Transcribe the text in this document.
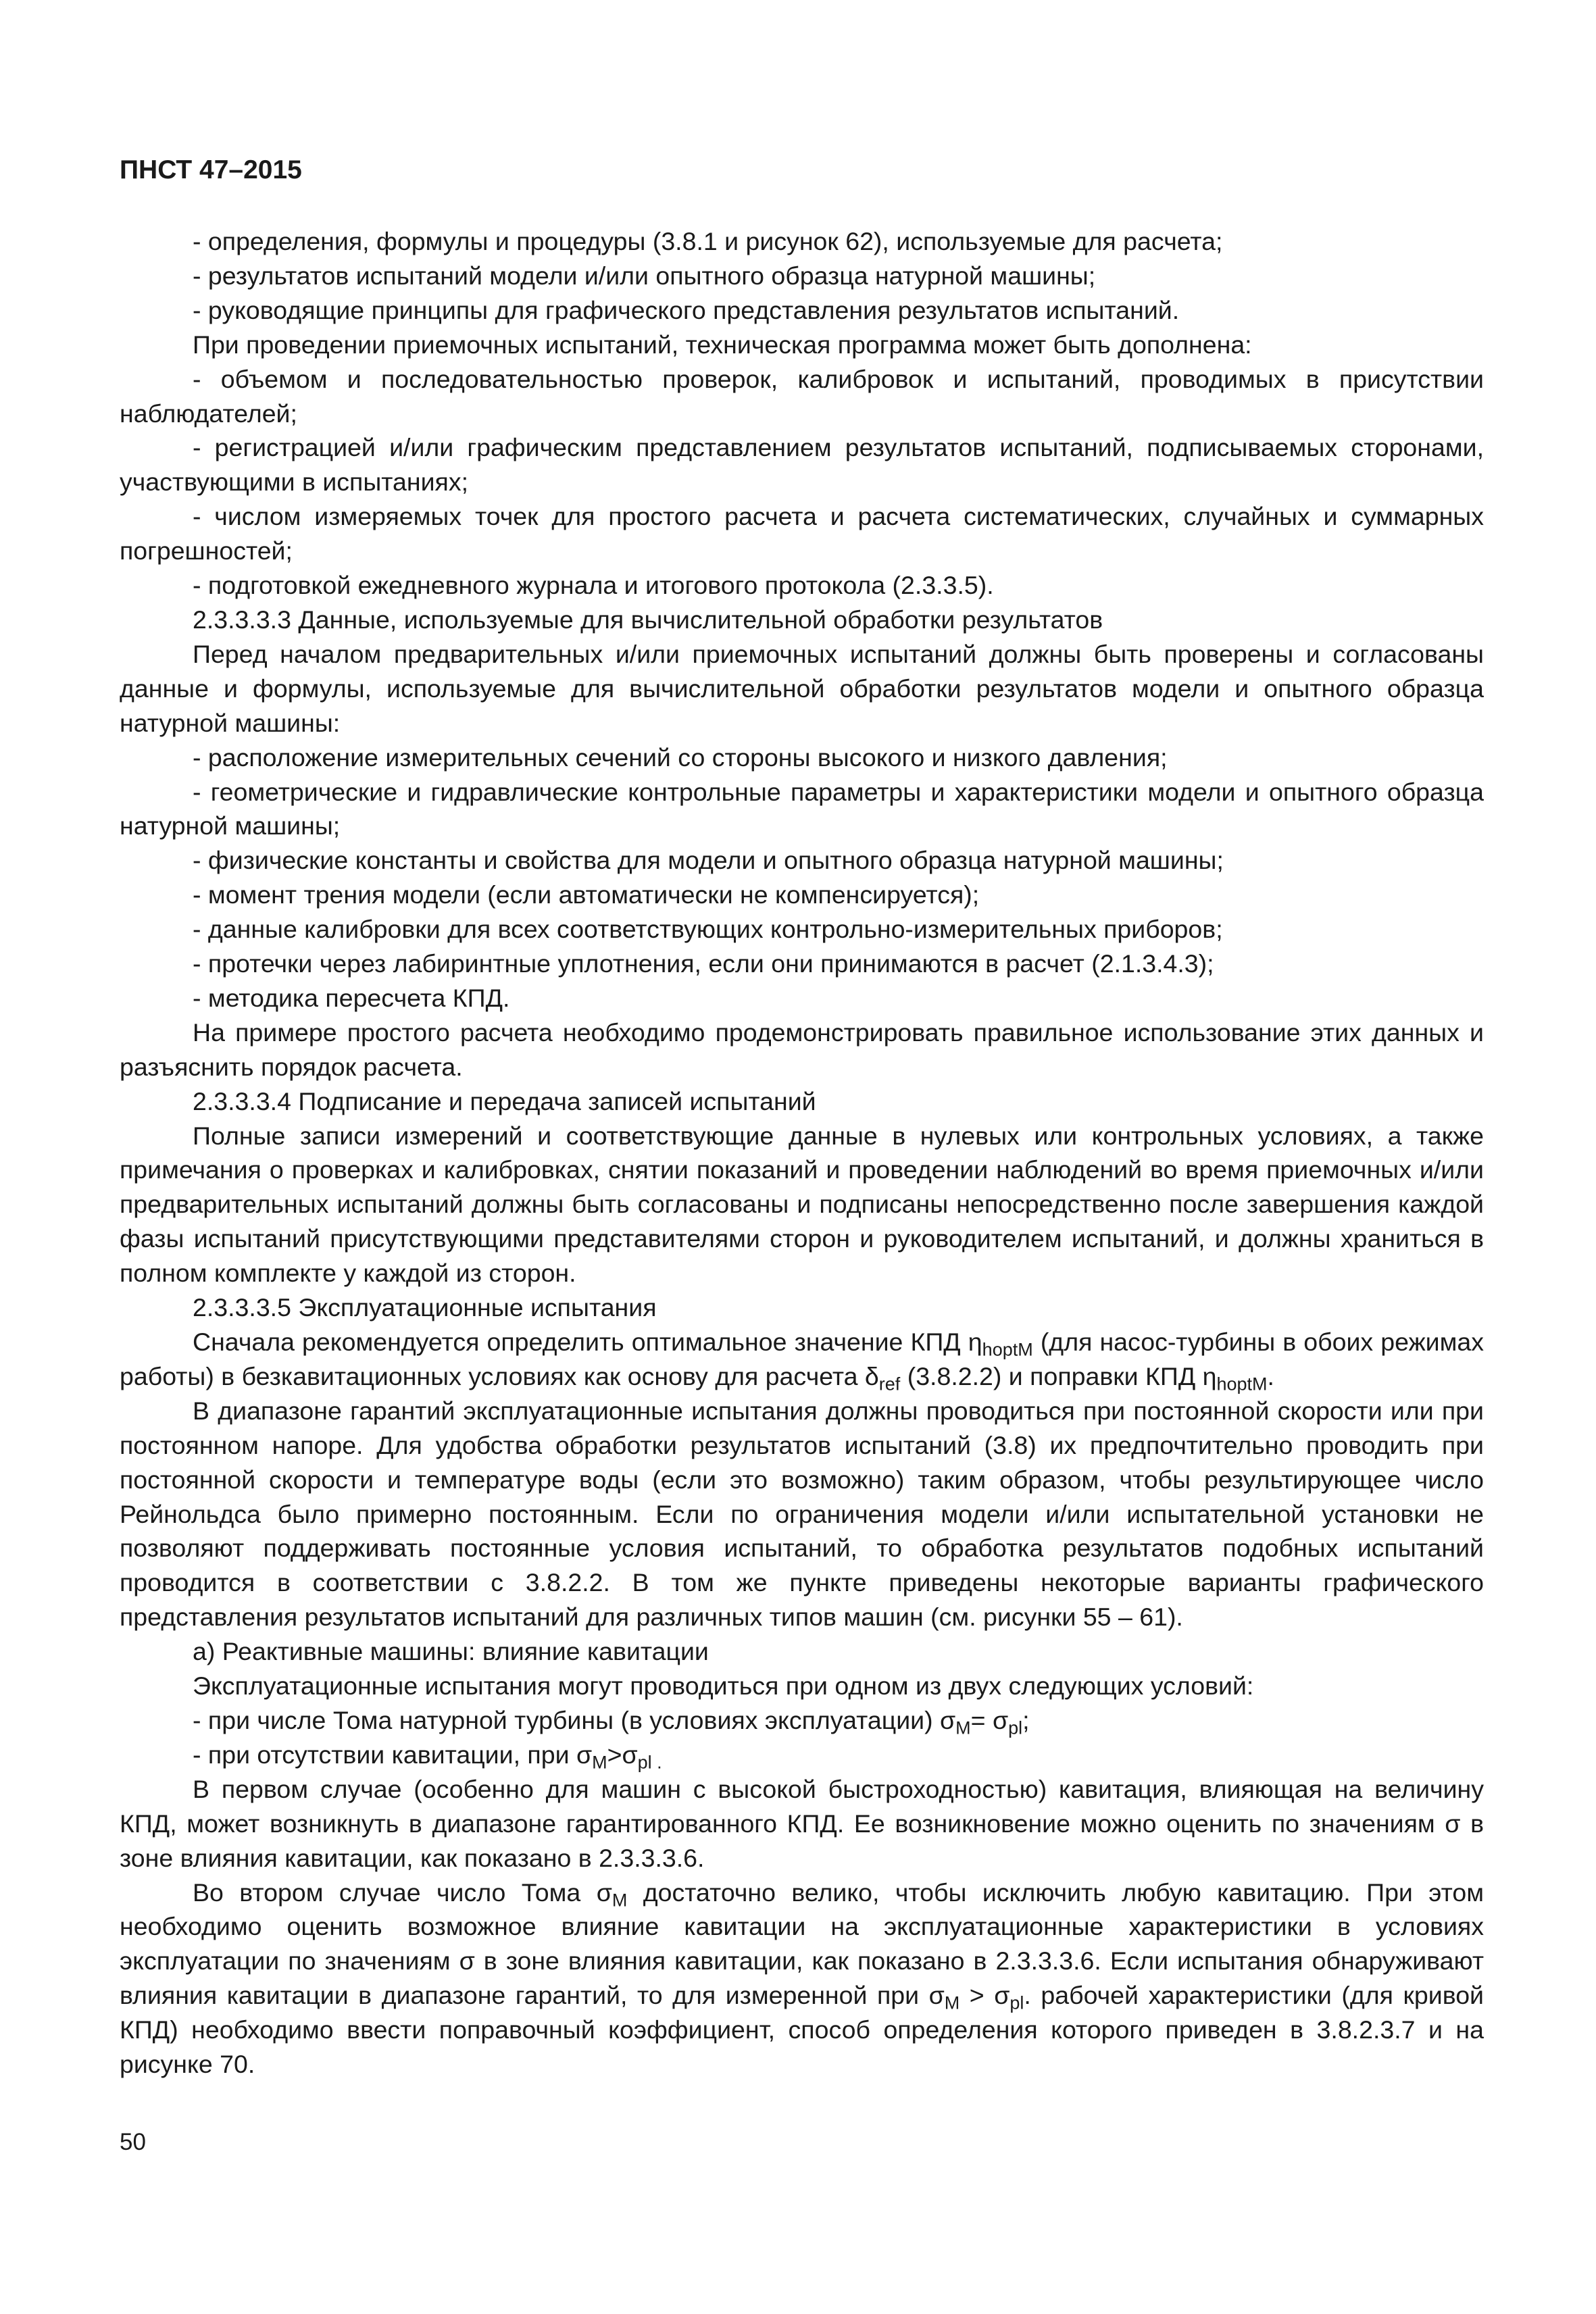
ПНСТ 47–2015

- определения, формулы и процедуры (3.8.1 и рисунок 62), используемые для расчета;

- результатов испытаний модели и/или опытного образца натурной машины;

- руководящие принципы для графического представления результатов испытаний.

При проведении приемочных испытаний, техническая программа может быть дополнена:

- объемом и последовательностью проверок, калибровок и испытаний, проводимых в присутствии наблюдателей;

- регистрацией и/или графическим представлением результатов испытаний, подписываемых сторонами, участвующими в испытаниях;

- числом измеряемых точек для простого расчета и расчета систематических, случайных и суммарных погрешностей;

- подготовкой ежедневного журнала и итогового протокола (2.3.3.5).

2.3.3.3.3 Данные, используемые для вычислительной обработки результатов

Перед началом предварительных и/или приемочных испытаний должны быть проверены и согласованы данные и формулы, используемые для вычислительной обработки результатов модели и опытного образца натурной машины:

- расположение измерительных сечений со стороны высокого и низкого давления;

- геометрические и гидравлические контрольные параметры и характеристики модели и опытного образца натурной машины;

- физические константы и свойства для модели и опытного образца натурной машины;

- момент трения модели (если автоматически не компенсируется);

- данные калибровки для всех соответствующих контрольно-измерительных приборов;

- протечки через лабиринтные уплотнения, если они принимаются в расчет (2.1.3.4.3);

- методика пересчета КПД.

На примере простого расчета необходимо продемонстрировать правильное использование этих данных и разъяснить порядок расчета.

2.3.3.3.4 Подписание и передача записей испытаний

Полные записи измерений и соответствующие данные в нулевых или контрольных условиях, а также примечания о проверках и калибровках, снятии показаний и проведении наблюдений во время приемочных и/или предварительных испытаний должны быть согласованы и подписаны непосредственно после завершения каждой фазы испытаний присутствующими представителями сторон и руководителем испытаний, и должны храниться в полном комплекте у каждой из сторон.

2.3.3.3.5 Эксплуатационные испытания

Сначала рекомендуется определить оптимальное значение КПД $\eta_{hoptM}$ (для насос-турбины в обоих режимах работы) в безкавитационных условиях как основу для расчета $\delta_{ref}$ (3.8.2.2) и поправки КПД $\eta_{hoptM}$.

В диапазоне гарантий эксплуатационные испытания должны проводиться при постоянной скорости или при постоянном напоре. Для удобства обработки результатов испытаний (3.8) их предпочтительно проводить при постоянной скорости и температуре воды (если это возможно) таким образом, чтобы результирующее число Рейнольдса было примерно постоянным. Если по ограничения модели и/или испытательной установки не позволяют поддерживать постоянные условия испытаний, то обработка результатов подобных испытаний проводится в соответствии с 3.8.2.2. В том же пункте приведены некоторые варианты графического представления результатов испытаний для различных типов машин (см. рисунки 55 – 61).

а) Реактивные машины: влияние кавитации

Эксплуатационные испытания могут проводиться при одном из двух следующих условий:

- при числе Тома натурной турбины (в условиях эксплуатации) $\sigma_M= \sigma_{pl}$;

- при отсутствии кавитации, при $\sigma_M>\sigma_{pl .}$

В первом случае (особенно для машин с высокой быстроходностью) кавитация, влияющая на величину КПД, может возникнуть в диапазоне гарантированного КПД. Ее возникновение можно оценить по значениям σ в зоне влияния кавитации, как показано в 2.3.3.3.6.

Во втором случае число Тома $\sigma_M$ достаточно велико, чтобы исключить любую кавитацию. При этом необходимо оценить возможное влияние кавитации на эксплуатационные характеристики в условиях эксплуатации по значениям σ в зоне влияния кавитации, как показано в 2.3.3.3.6. Если испытания обнаруживают влияния кавитации в диапазоне гарантий, то для измеренной при $\sigma_M > \sigma_{pl}$. рабочей характеристики (для кривой КПД) необходимо ввести поправочный коэффициент, способ определения которого приведен в 3.8.2.3.7 и на рисунке 70.

50
